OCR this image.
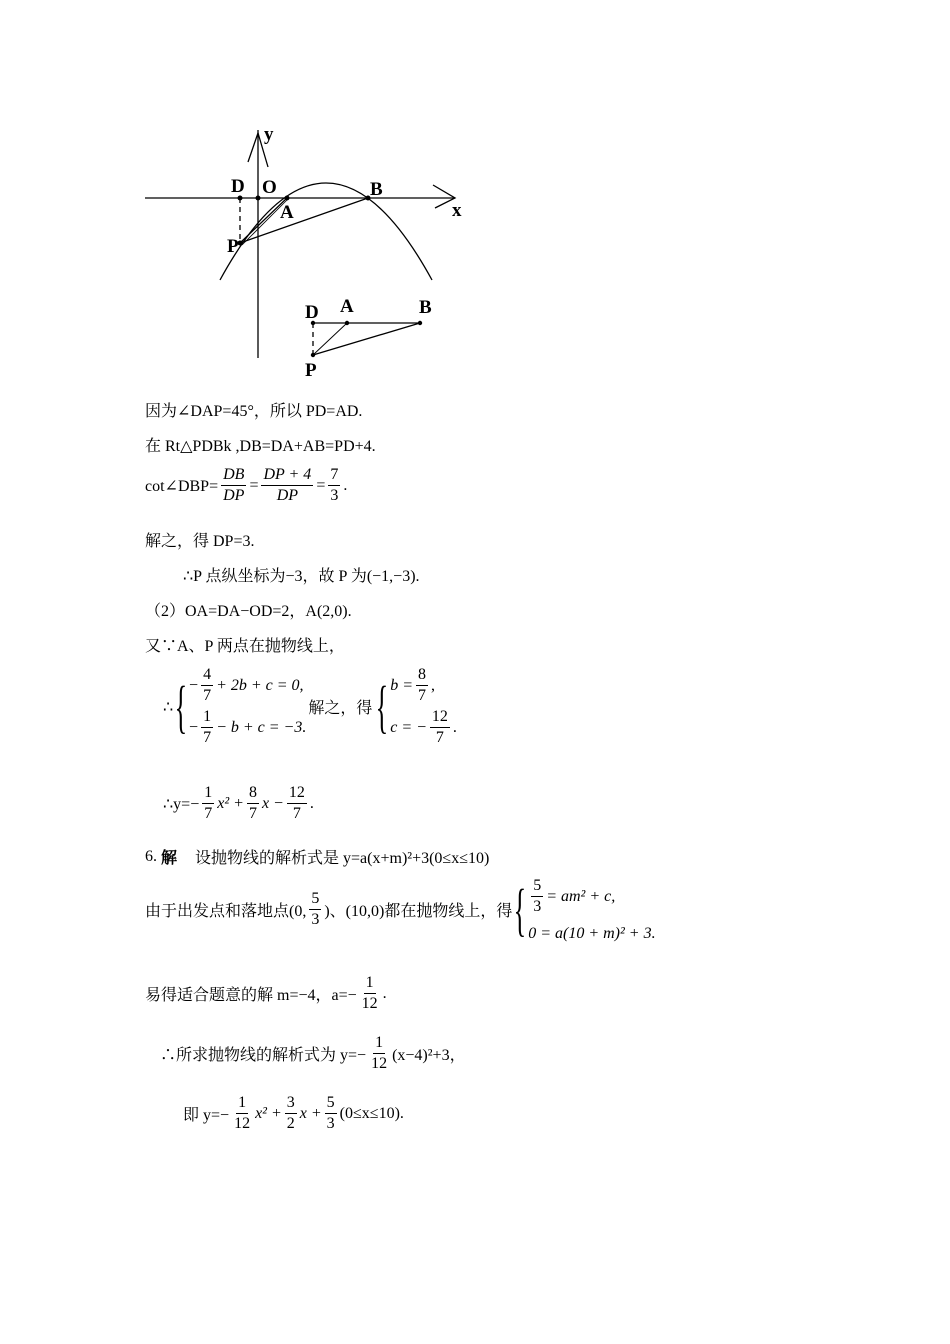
y
x
D O
A
B
P
D A	B
P
因为∠DAP=45°，所以 PD=AD.
在 Rt△PDBk ,DB=DA+AB=PD+4.
cot∠DBP= $\frac{DB}{DP} = \frac{DP + 4}{DP} = \frac{7}{3}$ .
解之，得 DP=3.
∴P 点纵坐标为−3，故 P 为(−1,−3).
（2）OA=DA−OD=2，A(2,0).
又∵A、P 两点在抛物线上，
∴ { − $\frac{4}{7} + 2b + c = 0$,
− $\frac{1}{7} - b + c = -3$.
解之，得 { $b = \frac{8}{7}$ ,
c = − $\frac{12}{7}$ .
∴y=− $\frac{1}{7} x^2 + \frac{8}{7}$ $x - \frac{12}{7}$ .
6. 解 设抛物线的解析式是 y=a(x+m)²+3(0≤x≤10)
由于出发点和落地点(0, $\frac{5}{3}$ )、(10,0)都在抛物线上，得 { $\frac{5}{3} = am^2 + c$,
0 = a(10 + m)² + 3.
易得适合题意的解 m=−4，$a=- \frac{1}{12}$ .
∴所求抛物线的解析式为 $y=- \frac{1}{12} (x-4)^2+3$，
即 $y=- \frac{1}{12} x^2 + \frac{3}{2}$ $x + \frac{5}{3} (0\le x\le 10)$.
